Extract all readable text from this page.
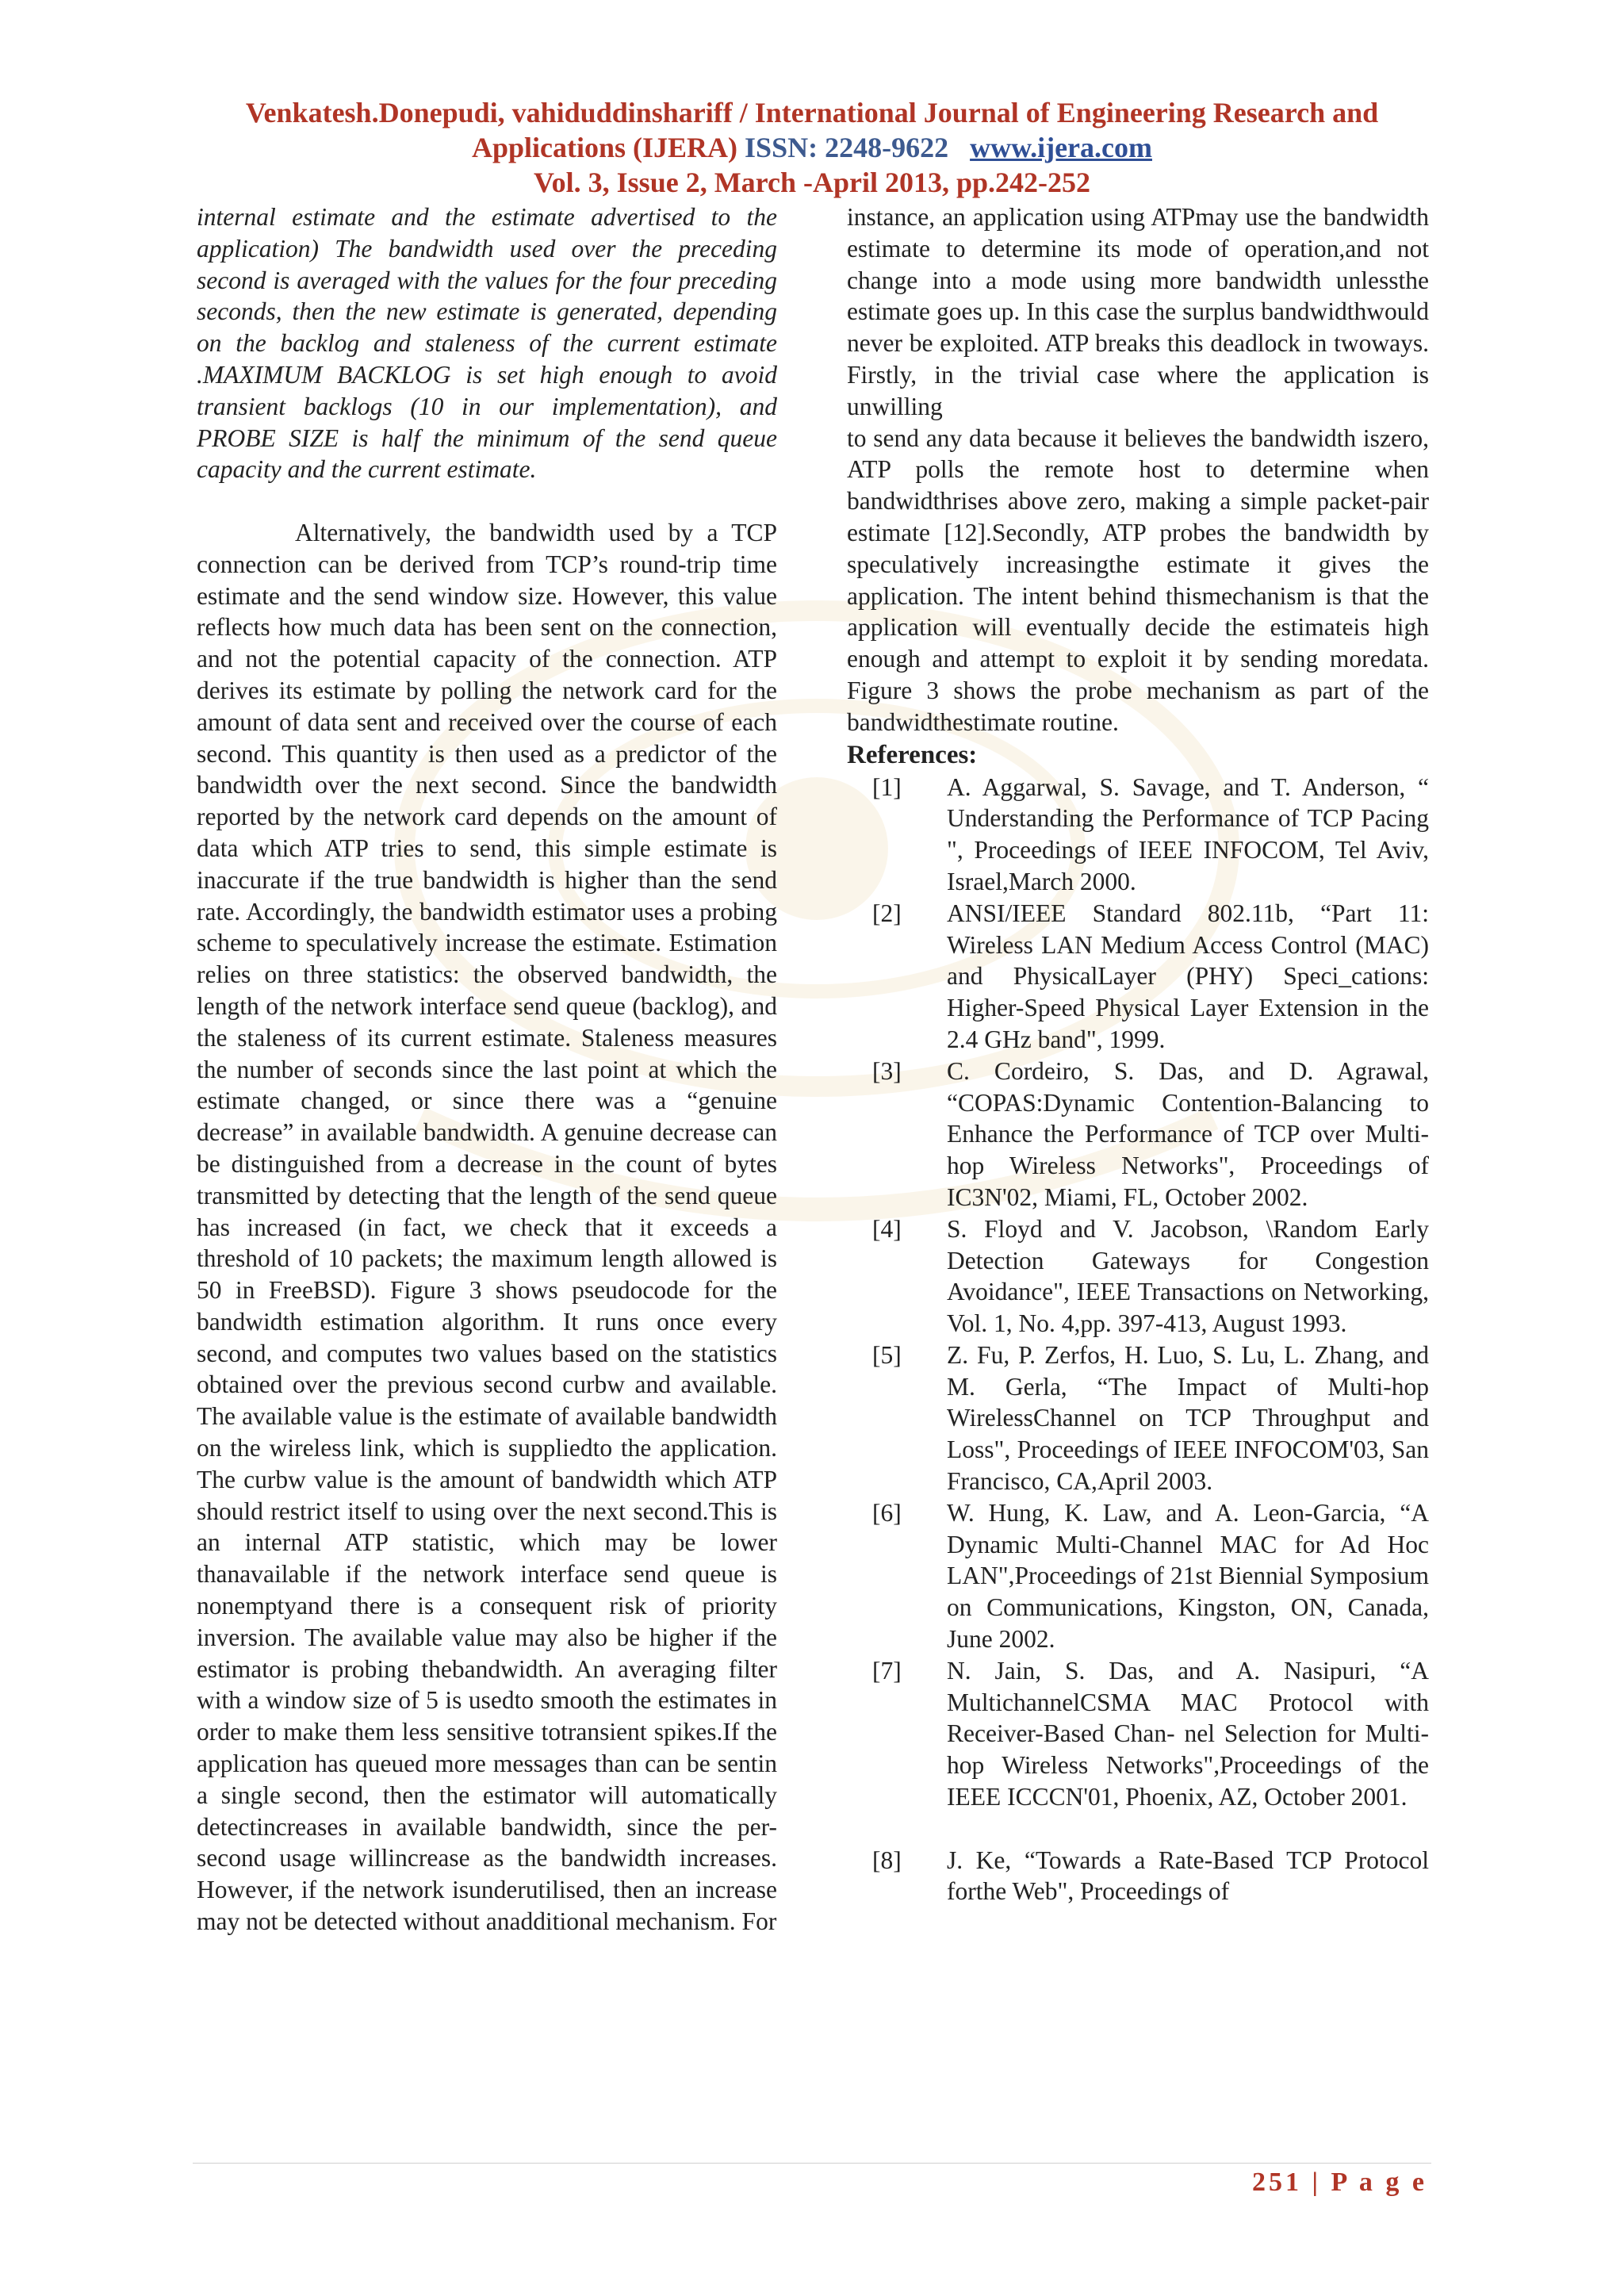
Venkatesh.Donepudi, vahiduddinshariff / International Journal of Engineering Research and
Applications (IJERA) ISSN: 2248-9622 www.ijera.com
Vol. 3, Issue 2, March -April 2013, pp.242-252

internal estimate and the estimate advertised to the application) The bandwidth used over the preceding second is averaged with the values for the four preceding seconds, then the new estimate is generated, depending on the backlog and staleness of the current estimate .MAXIMUM BACKLOG is set high enough to avoid transient backlogs (10 in our implementation), and PROBE SIZE is half the minimum of the send queue capacity and the current estimate.

Alternatively, the bandwidth used by a TCP connection can be derived from TCP’s round-trip time estimate and the send window size. However, this value reflects how much data has been sent on the connection, and not the potential capacity of the connection. ATP derives its estimate by polling the network card for the amount of data sent and received over the course of each second. This quantity is then used as a predictor of the bandwidth over the next second. Since the bandwidth reported by the network card depends on the amount of data which ATP tries to send, this simple estimate is inaccurate if the true bandwidth is higher than the send rate. Accordingly, the bandwidth estimator uses a probing scheme to speculatively increase the estimate. Estimation relies on three statistics: the observed bandwidth, the length of the network interface send queue (backlog), and the staleness of its current estimate. Staleness measures the number of seconds since the last point at which the estimate changed, or since there was a “genuine decrease” in available bandwidth. A genuine decrease can be distinguished from a decrease in the count of bytes transmitted by detecting that the length of the send queue has increased (in fact, we check that it exceeds a threshold of 10 packets; the maximum length allowed is 50 in FreeBSD). Figure 3 shows pseudocode for the bandwidth estimation algorithm. It runs once every second, and computes two values based on the statistics obtained over the previous second curbw and available. The available value is the estimate of available bandwidth on the wireless link, which is suppliedto the application. The curbw value is the amount of bandwidth which ATP should restrict itself to using over the next second.This is an internal ATP statistic, which may be lower thanavailable if the network interface send queue is nonemptyand there is a consequent risk of priority inversion. The available value may also be higher if the estimator is probing thebandwidth. An averaging filter with a window size of 5 is usedto smooth the estimates in order to make them less sensitive totransient spikes.If the application has queued more messages than can be sentin a single second, then the estimator will automatically detectincreases in available bandwidth, since the per-second usage willincrease as the bandwidth increases. However, if the network isunderutilised, then an increase may not be detected without anadditional mechanism. For

instance, an application using ATPmay use the bandwidth estimate to determine its mode of operation,and not change into a mode using more bandwidth unlessthe estimate goes up. In this case the surplus bandwidthwould never be exploited. ATP breaks this deadlock in twoways. Firstly, in the trivial case where the application is unwilling

to send any data because it believes the bandwidth iszero, ATP polls the remote host to determine when bandwidthrises above zero, making a simple packet-pair estimate [12].Secondly, ATP probes the bandwidth by speculatively increasingthe estimate it gives the application. The intent behind thismechanism is that the application will eventually decide the estimateis high enough and attempt to exploit it by sending moredata. Figure 3 shows the probe mechanism as part of the bandwidthestimate routine.

References:

[1]	A. Aggarwal, S. Savage, and T. Anderson, “ Understanding the Performance of TCP Pacing ", Proceedings of IEEE INFOCOM, Tel Aviv, Israel,March 2000.
[2]	ANSI/IEEE Standard 802.11b, “Part 11: Wireless LAN Medium Access Control (MAC) and PhysicalLayer (PHY) Speci_cations: Higher-Speed Physical Layer Extension in the 2.4 GHz band", 1999.
[3]	C. Cordeiro, S. Das, and D. Agrawal, “COPAS:Dynamic Contention-Balancing to Enhance the Performance of TCP over Multi-hop Wireless Networks", Proceedings of IC3N'02, Miami, FL, October 2002.
[4]	S. Floyd and V. Jacobson, \Random Early Detection Gateways for Congestion Avoidance", IEEE Transactions on Networking, Vol. 1, No. 4,pp. 397-413, August 1993.
[5]	Z. Fu, P. Zerfos, H. Luo, S. Lu, L. Zhang, and M. Gerla, “The Impact of Multi-hop WirelessChannel on TCP Throughput and Loss", Proceedings of IEEE INFOCOM'03, San Francisco, CA,April 2003.
[6]	W. Hung, K. Law, and A. Leon-Garcia, “A Dynamic Multi-Channel MAC for Ad Hoc LAN",Proceedings of 21st Biennial Symposium on Communications, Kingston, ON, Canada, June 2002.
[7]	N. Jain, S. Das, and A. Nasipuri, “A MultichannelCSMA MAC Protocol with Receiver-Based Chan- nel Selection for Multi-hop Wireless Networks",Proceedings of the IEEE ICCCN'01, Phoenix, AZ, October 2001.
[8]	J. Ke, “Towards a Rate-Based TCP Protocol forthe Web", Proceedings of
251 | P a g e
